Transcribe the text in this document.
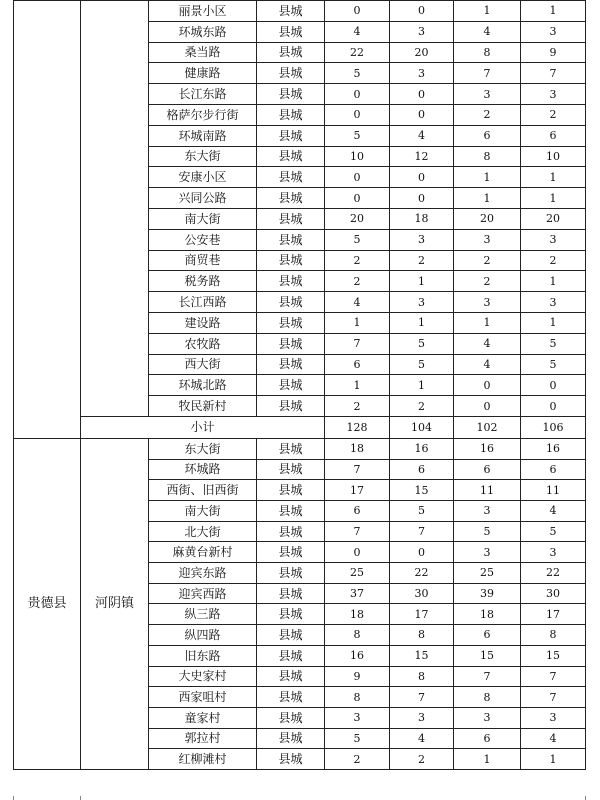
		丽景小区	县城	0	0	1	1
		环城东路	县城	4	3	4	3
		桑当路	县城	22	20	8	9
		健康路	县城	5	3	7	7
		长江东路	县城	0	0	3	3
		格萨尔步行街	县城	0	0	2	2
		环城南路	县城	5	4	6	6
		东大街	县城	10	12	8	10
		安康小区	县城	0	0	1	1
		兴同公路	县城	0	0	1	1
		南大街	县城	20	18	20	20
		公安巷	县城	5	3	3	3
		商贸巷	县城	2	2	2	2
		税务路	县城	2	1	2	1
		长江西路	县城	4	3	3	3
		建设路	县城	1	1	1	1
		农牧路	县城	7	5	4	5
		西大街	县城	6	5	4	5
		环城北路	县城	1	1	0	0
		牧民新村	县城	2	2	0	0
	小计			128	104	102	106
贵德县	河阴镇	东大街	县城	18	16	16	16
		环城路	县城	7	6	6	6
		西街、旧西街	县城	17	15	11	11
		南大街	县城	6	5	3	4
		北大街	县城	7	7	5	5
		麻黄台新村	县城	0	0	3	3
		迎宾东路	县城	25	22	25	22
		迎宾西路	县城	37	30	39	30
		纵三路	县城	18	17	18	17
		纵四路	县城	8	8	6	8
		旧东路	县城	16	15	15	15
		大史家村	县城	9	8	7	7
		西家咀村	县城	8	7	8	7
		童家村	县城	3	3	3	3
		郭拉村	县城	5	4	6	4
		红柳滩村	县城	2	2	1	1
